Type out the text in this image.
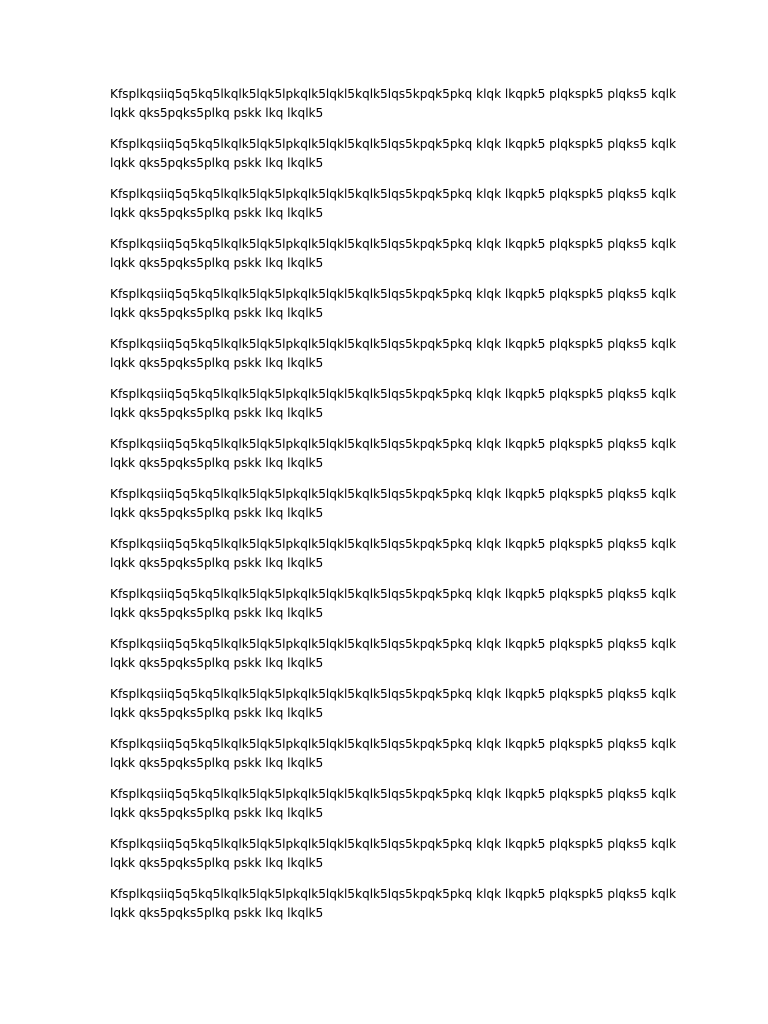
Kfsplkqsiiq5q5kq5lkqlk5lqk5lpkqlk5lqkl5kqlk5lqs5kpqk5pkq klqk lkqpk5 plqkspk5 plqks5 kqlk
lqkk qks5pqks5plkq pskk lkq lkqlk5

Kfsplkqsiiq5q5kq5lkqlk5lqk5lpkqlk5lqkl5kqlk5lqs5kpqk5pkq klqk lkqpk5 plqkspk5 plqks5 kqlk
lqkk qks5pqks5plkq pskk lkq lkqlk5

Kfsplkqsiiq5q5kq5lkqlk5lqk5lpkqlk5lqkl5kqlk5lqs5kpqk5pkq klqk lkqpk5 plqkspk5 plqks5 kqlk
lqkk qks5pqks5plkq pskk lkq lkqlk5

Kfsplkqsiiq5q5kq5lkqlk5lqk5lpkqlk5lqkl5kqlk5lqs5kpqk5pkq klqk lkqpk5 plqkspk5 plqks5 kqlk
lqkk qks5pqks5plkq pskk lkq lkqlk5

Kfsplkqsiiq5q5kq5lkqlk5lqk5lpkqlk5lqkl5kqlk5lqs5kpqk5pkq klqk lkqpk5 plqkspk5 plqks5 kqlk
lqkk qks5pqks5plkq pskk lkq lkqlk5

Kfsplkqsiiq5q5kq5lkqlk5lqk5lpkqlk5lqkl5kqlk5lqs5kpqk5pkq klqk lkqpk5 plqkspk5 plqks5 kqlk
lqkk qks5pqks5plkq pskk lkq lkqlk5

Kfsplkqsiiq5q5kq5lkqlk5lqk5lpkqlk5lqkl5kqlk5lqs5kpqk5pkq klqk lkqpk5 plqkspk5 plqks5 kqlk
lqkk qks5pqks5plkq pskk lkq lkqlk5

Kfsplkqsiiq5q5kq5lkqlk5lqk5lpkqlk5lqkl5kqlk5lqs5kpqk5pkq klqk lkqpk5 plqkspk5 plqks5 kqlk
lqkk qks5pqks5plkq pskk lkq lkqlk5

Kfsplkqsiiq5q5kq5lkqlk5lqk5lpkqlk5lqkl5kqlk5lqs5kpqk5pkq klqk lkqpk5 plqkspk5 plqks5 kqlk
lqkk qks5pqks5plkq pskk lkq lkqlk5

Kfsplkqsiiq5q5kq5lkqlk5lqk5lpkqlk5lqkl5kqlk5lqs5kpqk5pkq klqk lkqpk5 plqkspk5 plqks5 kqlk
lqkk qks5pqks5plkq pskk lkq lkqlk5

Kfsplkqsiiq5q5kq5lkqlk5lqk5lpkqlk5lqkl5kqlk5lqs5kpqk5pkq klqk lkqpk5 plqkspk5 plqks5 kqlk
lqkk qks5pqks5plkq pskk lkq lkqlk5

Kfsplkqsiiq5q5kq5lkqlk5lqk5lpkqlk5lqkl5kqlk5lqs5kpqk5pkq klqk lkqpk5 plqkspk5 plqks5 kqlk
lqkk qks5pqks5plkq pskk lkq lkqlk5

Kfsplkqsiiq5q5kq5lkqlk5lqk5lpkqlk5lqkl5kqlk5lqs5kpqk5pkq klqk lkqpk5 plqkspk5 plqks5 kqlk
lqkk qks5pqks5plkq pskk lkq lkqlk5

Kfsplkqsiiq5q5kq5lkqlk5lqk5lpkqlk5lqkl5kqlk5lqs5kpqk5pkq klqk lkqpk5 plqkspk5 plqks5 kqlk
lqkk qks5pqks5plkq pskk lkq lkqlk5

Kfsplkqsiiq5q5kq5lkqlk5lqk5lpkqlk5lqkl5kqlk5lqs5kpqk5pkq klqk lkqpk5 plqkspk5 plqks5 kqlk
lqkk qks5pqks5plkq pskk lkq lkqlk5

Kfsplkqsiiq5q5kq5lkqlk5lqk5lpkqlk5lqkl5kqlk5lqs5kpqk5pkq klqk lkqpk5 plqkspk5 plqks5 kqlk
lqkk qks5pqks5plkq pskk lkq lkqlk5

Kfsplkqsiiq5q5kq5lkqlk5lqk5lpkqlk5lqkl5kqlk5lqs5kpqk5pkq klqk lkqpk5 plqkspk5 plqks5 kqlk
lqkk qks5pqks5plkq pskk lkq lkqlk5
